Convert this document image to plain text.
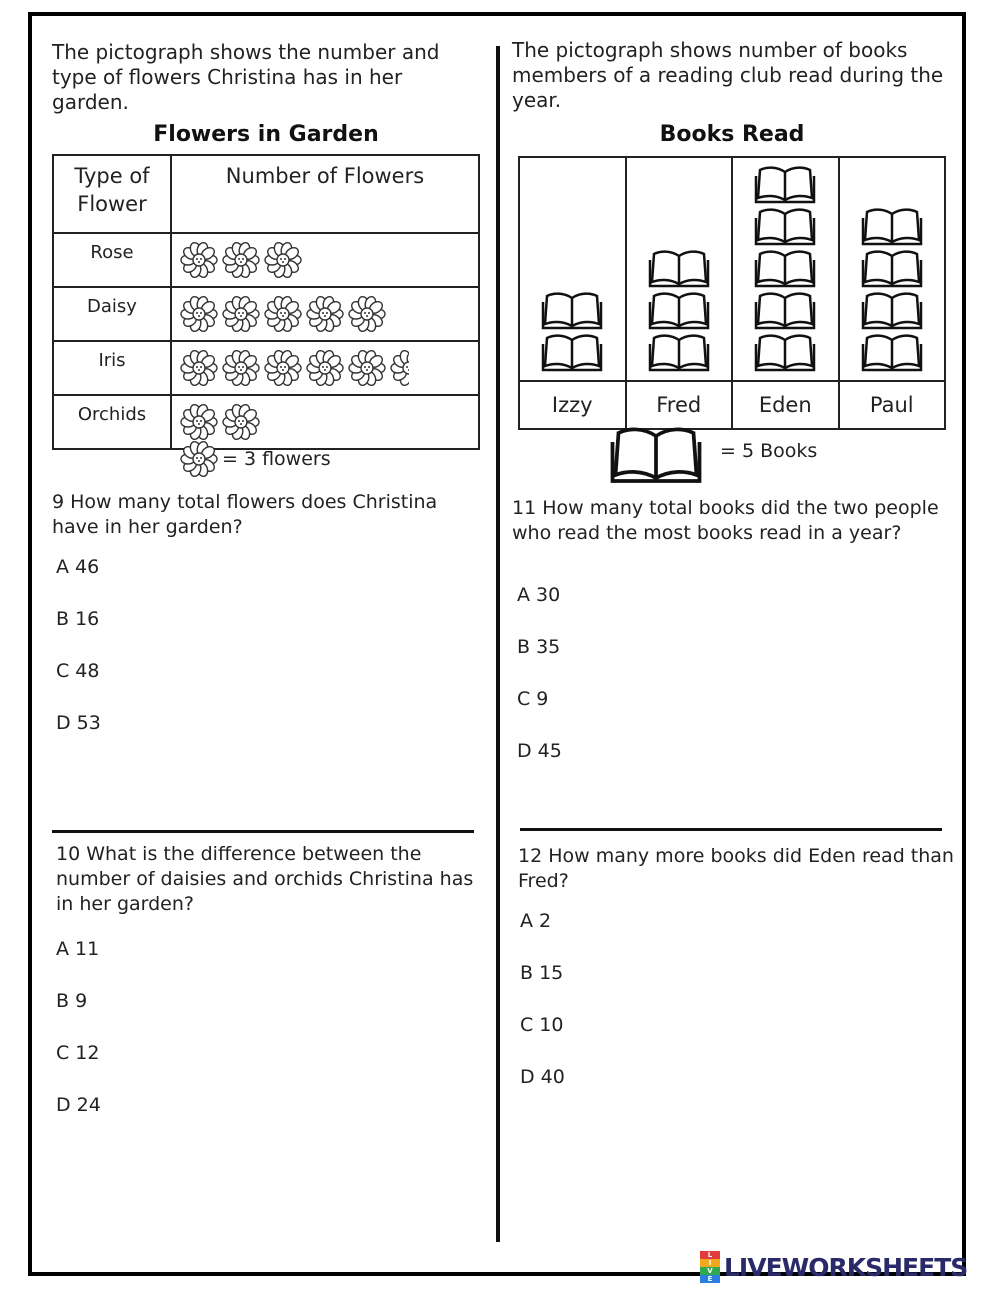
The pictograph shows the number and type of flowers Christina has in her garden.
Flowers in Garden
Type of Flower	Number of Flowers
Rose	
Daisy	
Iris	
Orchids	
= 3 flowers
9 How many total flowers does Christina have in her garden?
A 46
B 16
C 48
D 53
10 What is the difference between the number of daisies and orchids Christina has in her garden?
A 11
B 9
C 12
D 24
The pictograph shows number of books members of a reading club read during the year.
Books Read

Izzy	Fred	Eden	Paul
= 5 Books
11 How many total books did the two people who read the most books read in a year?
A 30
B 35
C 9
D 45
12 How many more books did Eden read than Fred?
A 2
B 15
C 10
D 40
L
I
V
E LIVEWORKSHEETS
